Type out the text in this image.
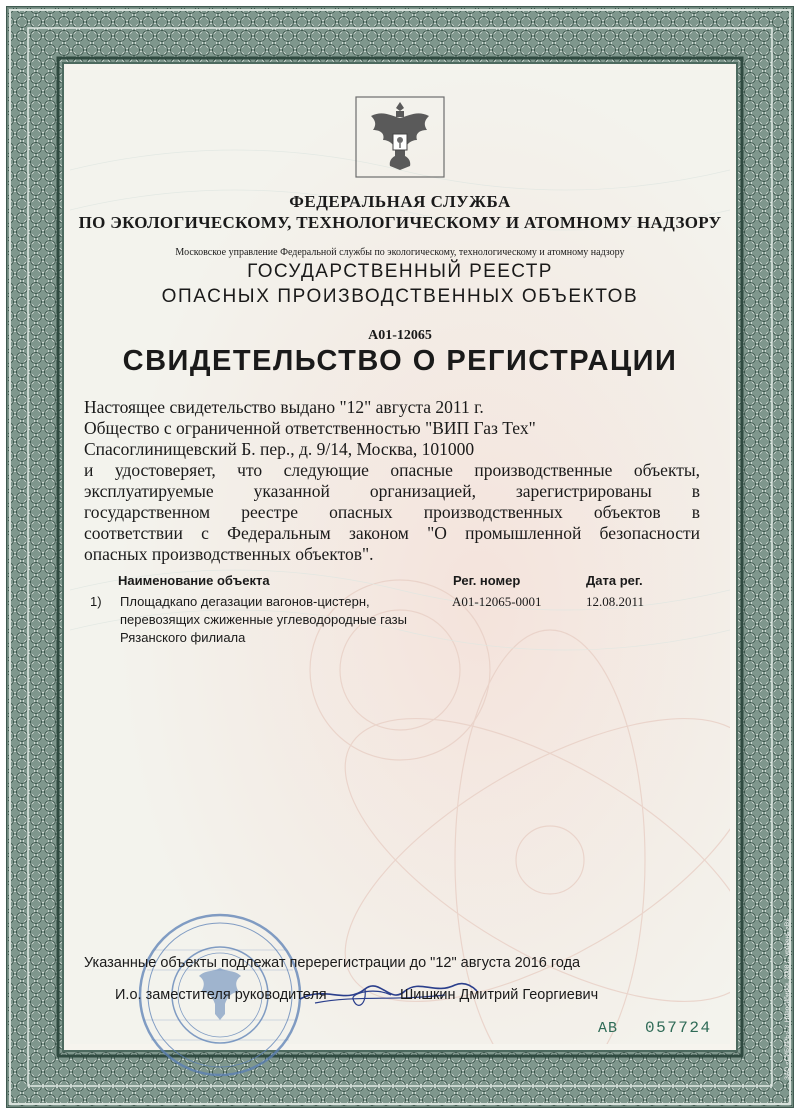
ФЕДЕРАЛЬНАЯ СЛУЖБА
ПО ЭКОЛОГИЧЕСКОМУ, ТЕХНОЛОГИЧЕСКОМУ И АТОМНОМУ НАДЗОРУ
Московское управление Федеральной службы по экологическому, технологическому и атомному надзору
ГОСУДАРСТВЕННЫЙ РЕЕСТР
ОПАСНЫХ ПРОИЗВОДСТВЕННЫХ ОБЪЕКТОВ
А01-12065
СВИДЕТЕЛЬСТВО О РЕГИСТРАЦИИ
Настоящее свидетельство выдано "12" августа 2011 г.
Общество с ограниченной ответственностью "ВИП Газ Тех"
Спасоглинищевский Б. пер., д. 9/14, Москва, 101000
и удостоверяет, что следующие опасные производственные объекты,
эксплуатируемые указанной организацией, зарегистрированы в
государственном реестре опасных производственных объектов в
соответствии с Федеральным законом "О промышленной безопасности
опасных производственных объектов".
Наименование объекта	Рег. номер	Дата рег.
1) Площадкапо дегазации вагонов-цистерн,
перевозящих сжиженные углеводородные газы
Рязанского филиала
А01-12065-0001	12.08.2011
Указанные объекты подлежат перерегистрации до "12" августа 2016 года
И.о. заместителя руководителя	Шишкин Дмитрий Георгиевич
АВ 057724	ЗАО «СИБИРЬ», г. Новосибирск, 2008 г., уровень «В»
